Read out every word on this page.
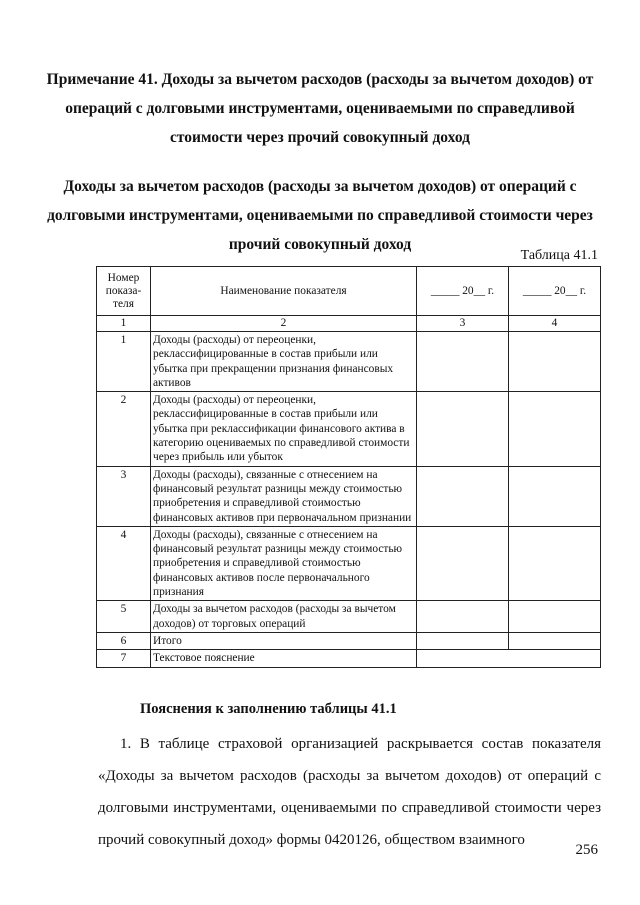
Примечание 41. Доходы за вычетом расходов (расходы за вычетом доходов) от операций с долговыми инструментами, оцениваемыми по справедливой стоимости через прочий совокупный доход
Доходы за вычетом расходов (расходы за вычетом доходов) от операций с долговыми инструментами, оцениваемыми по справедливой стоимости через прочий совокупный доход
Таблица 41.1
Номер показа-теля	Наименование показателя	_____ 20__ г.	_____ 20__ г.
1	2	3	4
1	Доходы (расходы) от переоценки, реклассифицированные в состав прибыли или убытка при прекращении признания финансовых активов		
2	Доходы (расходы) от переоценки, реклассифицированные в состав прибыли или убытка при реклассификации финансового актива в категорию оцениваемых по справедливой стоимости через прибыль или убыток		
3	Доходы (расходы), связанные с отнесением на финансовый результат разницы между стоимостью приобретения и справедливой стоимостью финансовых активов при первоначальном признании		
4	Доходы (расходы), связанные с отнесением на финансовый результат разницы между стоимостью приобретения и справедливой стоимостью финансовых активов после первоначального признания		
5	Доходы за вычетом расходов (расходы за вычетом доходов) от торговых операций		
6	Итого		
7	Текстовое пояснение		
Пояснения к заполнению таблицы 41.1
1. В таблице страховой организацией раскрывается состав показателя «Доходы за вычетом расходов (расходы за вычетом доходов) от операций с долговыми инструментами, оцениваемыми по справедливой стоимости через прочий совокупный доход» формы 0420126, обществом взаимного
256
